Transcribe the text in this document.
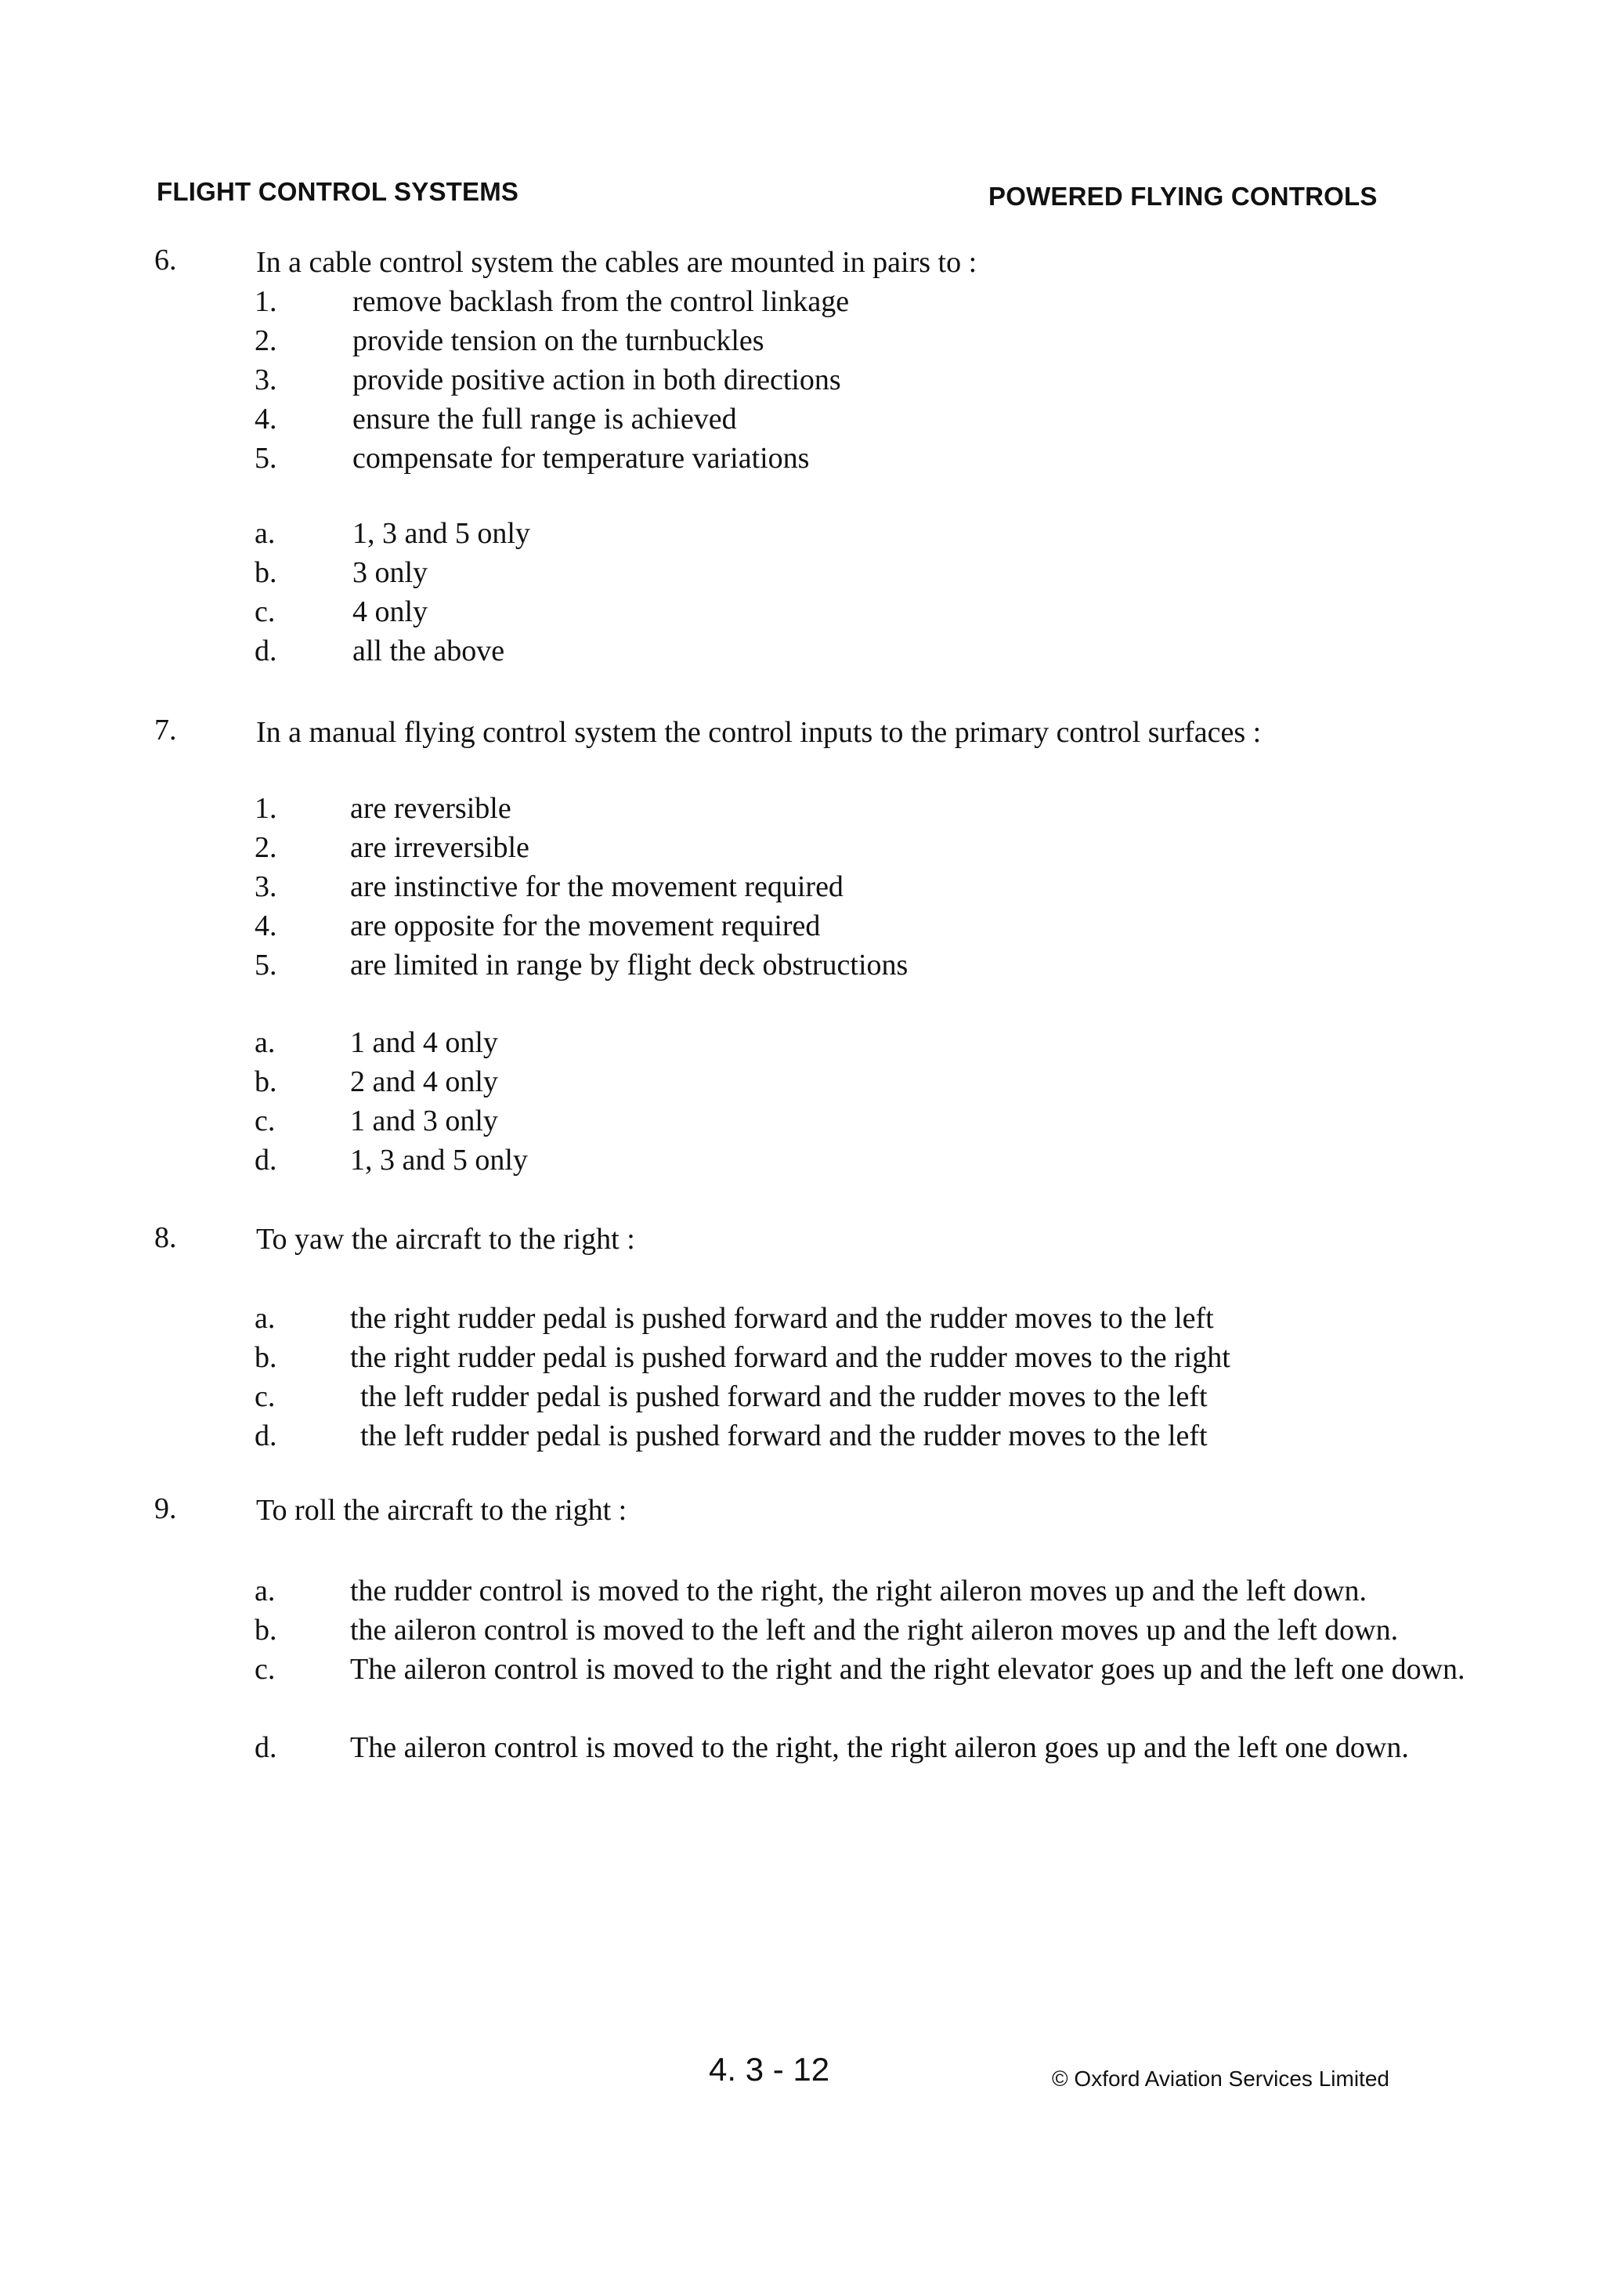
FLIGHT CONTROL SYSTEMS	POWERED FLYING CONTROLS
6.	In a cable control system the cables are mounted in pairs to :
1.	remove backlash from the control linkage
2.	provide tension on the turnbuckles
3.	provide positive action in both directions
4.	ensure the full range is achieved
5.	compensate for temperature variations
a.	1, 3 and 5 only
b.	3 only
c.	4 only
d.	all the above
7.	In a manual flying control system the control inputs to the primary control surfaces :
1. are reversible
2. are irreversible
3. are instinctive for the movement required
4. are opposite for the movement required
5. are limited in range by flight deck obstructions
a.	1 and 4 only
b. 2 and 4 only
c.	1 and 3 only
d. 1, 3 and 5 only
8.	To yaw the aircraft to the right :
a.	the right rudder pedal is pushed forward and the rudder moves to the left
b. the right rudder pedal is pushed forward and the rudder moves to the right
c.	the left rudder pedal is pushed forward and the rudder moves to the left
d.	the left rudder pedal is pushed forward and the rudder moves to the left
9.	To roll the aircraft to the right :
a.	the rudder control is moved to the right, the right aileron moves up and the left down.
b. the aileron control is moved to the left and the right aileron moves up and the left down.
c.	The aileron control is moved to the right and the right elevator goes up and the left one down.
d. The aileron control is moved to the right, the right aileron goes up and the left one down.
4. 3 - 12	© Oxford Aviation Services Limited
